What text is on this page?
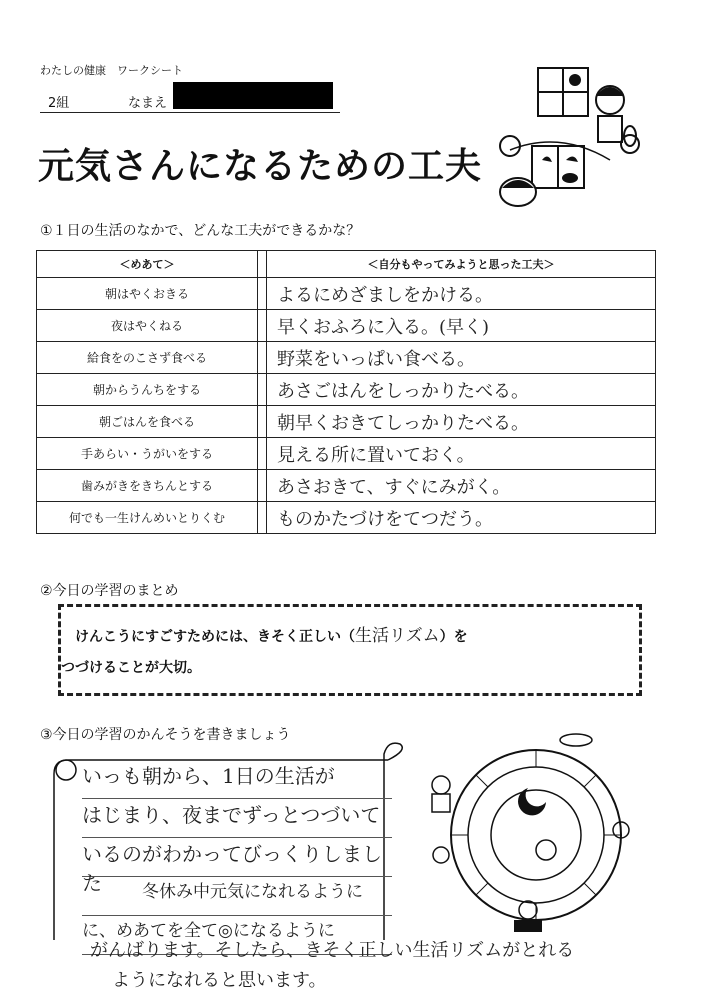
わたしの健康　ワークシート
2組	なまえ
元気さんになるための工夫
①１日の生活のなかで、どんな工夫ができるかな？
＜めあて＞		＜自分もやってみようと思った工夫＞
朝はやくおきる		よるにめざましをかける。
夜はやくねる		早くおふろに入る。(早く)
給食をのこさず食べる		野菜をいっぱい食べる。
朝からうんちをする		あさごはんをしっかりたべる。
朝ごはんを食べる		朝早くおきてしっかりたべる。
手あらい・うがいをする		見える所に置いておく。
歯みがきをきちんとする		あさおきて、すぐにみがく。
何でも一生けんめいとりくむ		ものかたづけをてつだう。
②今日の学習のまとめ
けんこうにすごすためには、きそく正しい（生活リズム）を
つづけることが大切。
③今日の学習のかんそうを書きましょう
いっも朝から、1日の生活が
はじまり、夜までずっとつづいて
いるのがわかってびっくりしました	冬休み中元気になれるように
に、めあてを全て◎になるように
がんばります。そしたら、きそく正しい生活リズムがとれる
ようになれると思います。
